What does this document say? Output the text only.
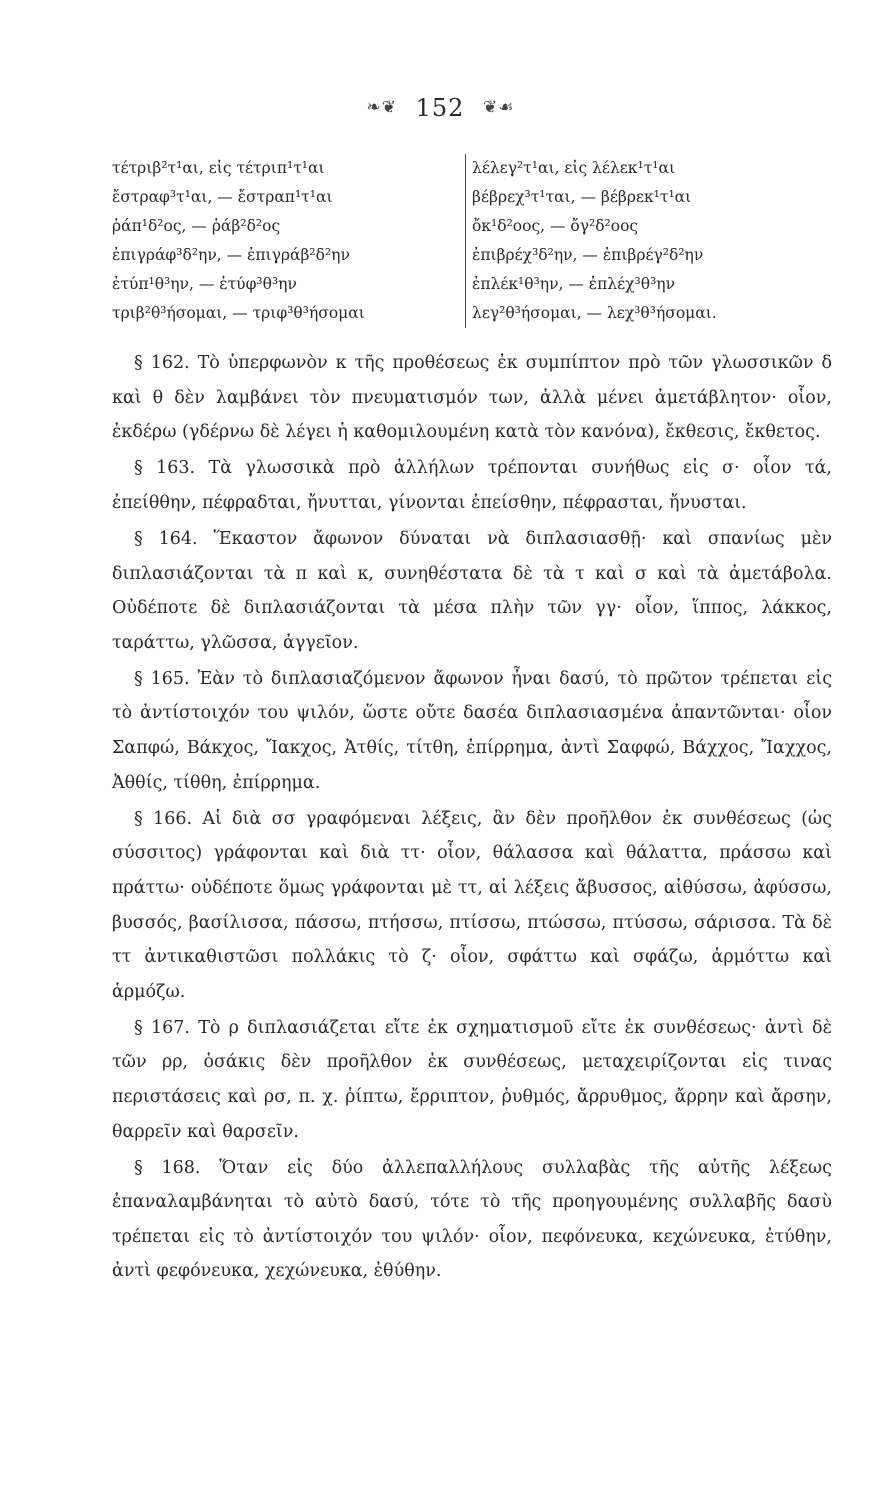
❧❦ 152 ❦☙
τέτριβ²τ¹αι, εἰς τέτριπ¹τ¹αι	λέλεγ²τ¹αι, εἰς λέλεκ¹τ¹αι
ἔστραφ³τ¹αι, — ἔστραπ¹τ¹αι	βέβρεχ³τ¹ται, — βέβρεκ¹τ¹αι
ῥάπ¹δ²ος, — ῥάβ²δ²ος	ὄκ¹δ²οος, — ὄγ²δ²οος
ἐπιγράφ³δ²ην, — ἐπιγράβ²δ²ην	ἐπιβρέχ³δ²ην, — ἐπιβρέγ²δ²ην
ἐτύπ¹θ³ην, — ἐτύφ³θ³ην	ἐπλέκ¹θ³ην, — ἐπλέχ³θ³ην
τριβ²θ³ήσομαι, — τριφ³θ³ήσομαι	λεγ²θ³ήσομαι, — λεχ³θ³ήσομαι.

§ 162. Τὸ ὑπερφωνὸν κ τῆς προθέσεως ἐκ συμπίπτον πρὸ τῶν γλωσσικῶν δ καὶ θ δὲν λαμβάνει τὸν πνευματισμόν των, ἀλλὰ μένει ἀμετάβλητον· οἷον, ἐκδέρω (γδέρνω δὲ λέγει ἡ καθομιλουμένη κατὰ τὸν κανόνα), ἔκθεσις, ἔκθετος.

§ 163. Τὰ γλωσσικὰ πρὸ ἀλλήλων τρέπονται συνήθως εἰς σ· οἷον τά, ἐπείθθην, πέφραδται, ἤνυτται, γίνονται ἐπείσθην, πέφρασται, ἤνυσται.

§ 164. Ἕκαστον ἄφωνον δύναται νὰ διπλασιασθῇ· καὶ σπανίως μὲν διπλασιάζονται τὰ π καὶ κ, συνηθέστατα δὲ τὰ τ καὶ σ καὶ τὰ ἀμετάβολα. Οὐδέποτε δὲ διπλασιάζονται τὰ μέσα πλὴν τῶν γγ· οἷον, ἵππος, λάκκος, ταράττω, γλῶσσα, ἀγγεῖον.

§ 165. Ἐὰν τὸ διπλασιαζόμενον ἄφωνον ἦναι δασύ, τὸ πρῶτον τρέπεται εἰς τὸ ἀντίστοιχόν του ψιλόν, ὥστε οὔτε δασέα διπλασιασμένα ἀπαντῶνται· οἷον Σαπφώ, Βάκχος, Ἴακχος, Ἀτθίς, τίτθη, ἐπίρρημα, ἀντὶ Σαφφώ, Βάχχος, Ἴαχχος, Ἀθθίς, τίθθη, ἐπίρρημα.

§ 166. Αἱ διὰ σσ γραφόμεναι λέξεις, ἂν δὲν προῆλθον ἐκ συνθέσεως (ὡς σύσσιτος) γράφονται καὶ διὰ ττ· οἷον, θάλασσα καὶ θάλαττα, πράσσω καὶ πράττω· οὐδέποτε ὅμως γράφονται μὲ ττ, αἱ λέξεις ἄβυσσος, αἰθύσσω, ἀφύσσω, βυσσός, βασίλισσα, πάσσω, πτήσσω, πτίσσω, πτώσσω, πτύσσω, σάρισσα. Τὰ δὲ ττ ἀντικαθιστῶσι πολλάκις τὸ ζ· οἷον, σφάττω καὶ σφάζω, ἁρμόττω καὶ ἁρμόζω.

§ 167. Τὸ ρ διπλασιάζεται εἴτε ἐκ σχηματισμοῦ εἴτε ἐκ συνθέσεως· ἀντὶ δὲ τῶν ρρ, ὁσάκις δὲν προῆλθον ἐκ συνθέσεως, μεταχειρίζονται εἰς τινας περιστάσεις καὶ ρσ, π. χ. ῥίπτω, ἔρριπτον, ῥυθμός, ἄρρυθμος, ἄρρην καὶ ἄρσην, θαρρεῖν καὶ θαρσεῖν.

§ 168. Ὅταν εἰς δύο ἀλλεπαλλήλους συλλαβὰς τῆς αὐτῆς λέξεως ἐπαναλαμβάνηται τὸ αὐτὸ δασύ, τότε τὸ τῆς προηγουμένης συλλαβῆς δασὺ τρέπεται εἰς τὸ ἀντίστοιχόν του ψιλόν· οἷον, πεφόνευκα, κεχώνευκα, ἐτύθην, ἀντὶ φεφόνευκα, χεχώνευκα, ἐθύθην.
